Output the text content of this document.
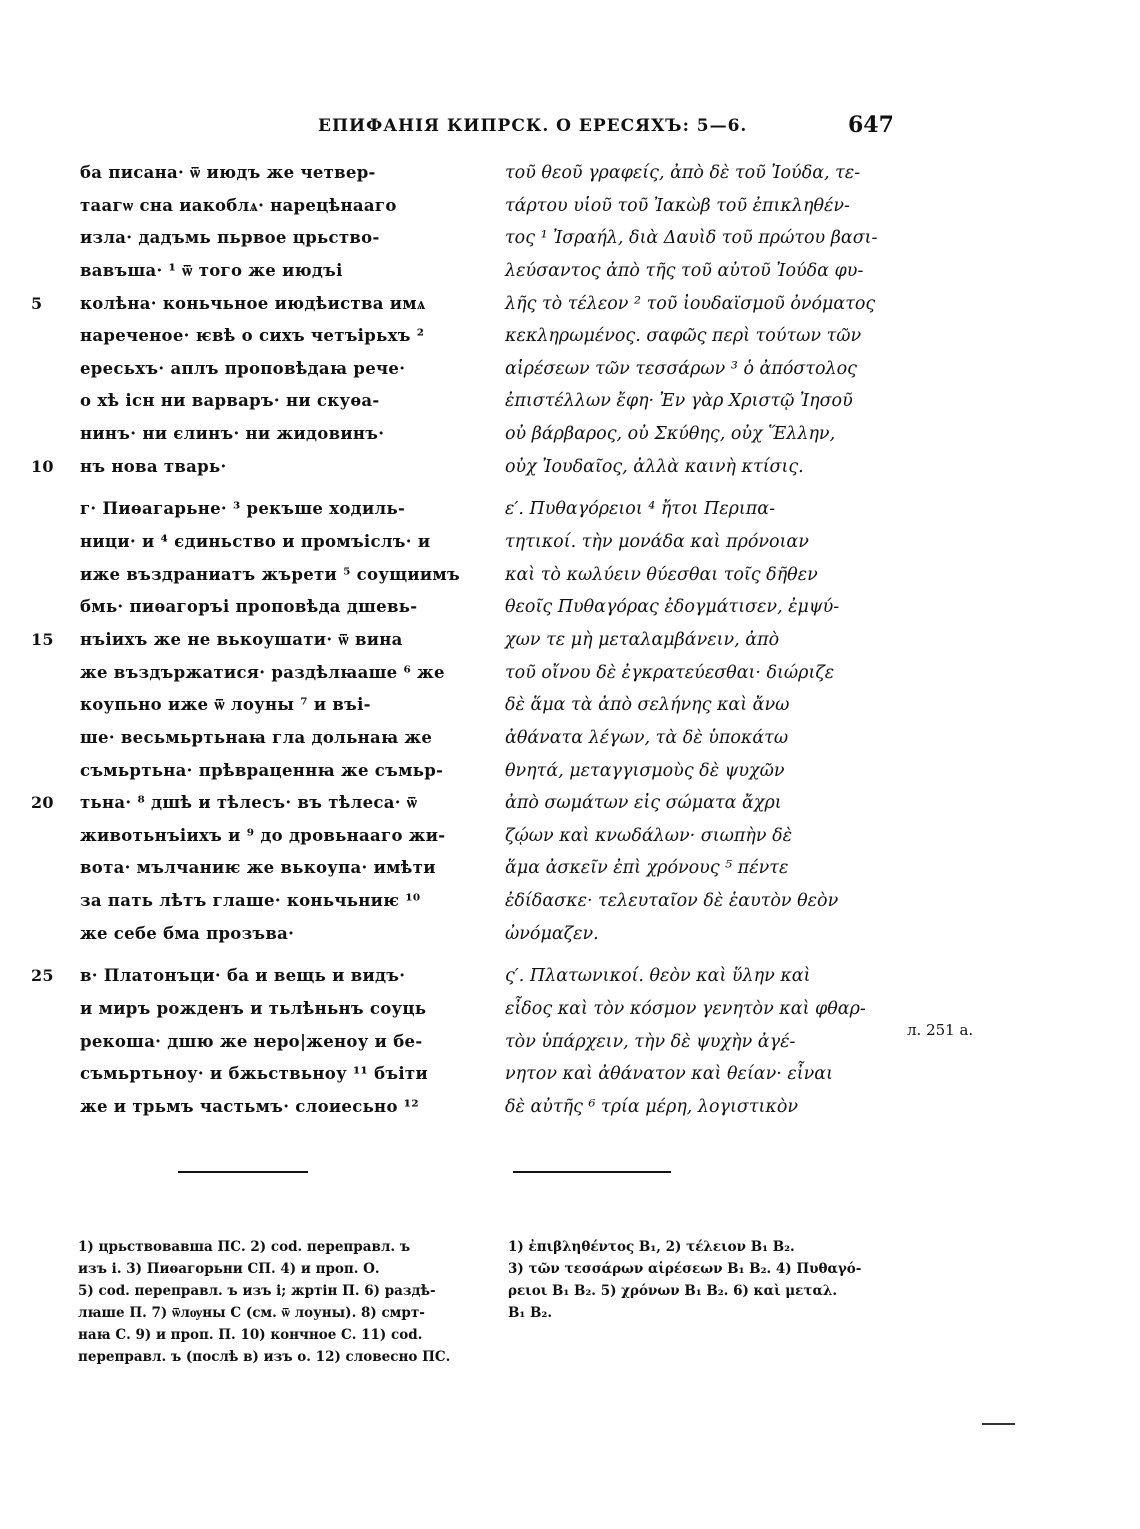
ЕПИФАНІЯ КИПРСК. О ЕРЕСЯХЪ: 5—6.	647
ба писана· ѿ июдъ же четвер-
таагѡ сна иакоблѧ· нарецѣнааго
изла· дадъмь пьрвое црьство-
вавъша· ¹ ѿ того же июдъі
5	колѣна· коньчьное июдѣиства имѧ
нареченое· ѥвѣ о сихъ четъірьхъ ²
ересьхъ· аплъ проповѣдаꙗ рече·
о хѣ існ ни варваръ· ни скуѳа-
нинъ· ни єлинъ· ни жидовинъ·
10	нъ нова тварь·
г· Пиѳагарьне· ³ рекъше ходиль-
ници· и ⁴ єдиньство и промъіслъ· и
иже въздраниатъ жърети ⁵ соущиимъ
бмь· пиѳагоръі проповѣда дшевь-
15	нъіихъ же не вькоушати· ѿ вина
же въздържатися· раздѣлꙗаше ⁶ же
коупьно иже ѿ лоуны ⁷ и въі-
ше· весьмьртьнаꙗ гла дольнаꙗ же
съмьртьна· прѣвраценнꙗ же съмьр-
20	тьна· ⁸ дшѣ и тѣлесъ· въ тѣлеса· ѿ
животьнъіихъ и ⁹ до дровьнааго жи-
вота· мълчаниѥ же вькоупа· имѣти
за пать лѣтъ глаше· коньчьниѥ ¹⁰
же себе бма прозъва·
25	в· Платонъци· ба и вещь и видъ·
и миръ рожденъ и тьлѣньнъ соуць
рекоша· дшю же неро|женоу и бе-
съмьртьноу· и бжьствьноу ¹¹ бъіти
же и трьмъ частьмъ· слоиесьно ¹²
τοῦ θεοῦ γραφείς, ἀπὸ δὲ τοῦ Ἰούδα, τε-
τάρτου υἱοῦ τοῦ Ἰακὼβ τοῦ ἐπικληθέν-
τος ¹ Ἰσραήλ, διὰ Δαυὶδ τοῦ πρώτου βασι-
λεύσαντος ἀπὸ τῆς τοῦ αὐτοῦ Ἰούδα φυ-
λῆς τὸ τέλεον ² τοῦ ἰουδαϊσμοῦ ὀνόματος
κεκληρωμένος. σαφῶς περὶ τούτων τῶν
αἱρέσεων τῶν τεσσάρων ³ ὁ ἀπόστολος
ἐπιστέλλων ἔφη· Ἐν γὰρ Χριστῷ Ἰησοῦ
οὐ βάρβαρος, οὐ Σκύθης, οὐχ Ἕλλην,
οὐχ Ἰουδαῖος, ἀλλὰ καινὴ κτίσις.
ε′. Πυθαγόρειοι ⁴ ἤτοι Περιπα-
τητικοί. τὴν μονάδα καὶ πρόνοιαν
καὶ τὸ κωλύειν θύεσθαι τοῖς δῆθεν
θεοῖς Πυθαγόρας ἐδογμάτισεν, ἐμψύ-
χων τε μὴ μεταλαμβάνειν, ἀπὸ
τοῦ οἴνου δὲ ἐγκρατεύεσθαι· διώριζε
δὲ ἅμα τὰ ἀπὸ σελήνης καὶ ἄνω
ἀθάνατα λέγων, τὰ δὲ ὑποκάτω
θνητά, μεταγγισμοὺς δὲ ψυχῶν
ἀπὸ σωμάτων εἰς σώματα ἄχρι
ζῴων καὶ κνωδάλων· σιωπὴν δὲ
ἅμα ἀσκεῖν ἐπὶ χρόνους ⁵ πέντε
ἐδίδασκε· τελευταῖον δὲ ἑαυτὸν θεὸν
ὠνόμαζεν.
ς′. Πλατωνικοί. θεὸν καὶ ὕλην καὶ
εἶδος καὶ τὸν κόσμον γενητὸν καὶ φθαρ-
τὸν ὑπάρχειν, τὴν δὲ ψυχὴν ἀγέ-
νητον καὶ ἀθάνατον καὶ θείαν· εἶναι
δὲ αὐτῆς ⁶ τρία μέρη, λογιστικὸν
л. 251 а.
1) црьствовавша ПС. 2) cod. перепрaвл. ъ
изъ і. 3) Пиѳагорьни СП. 4) и прoп. О.
5) cod. перепрaвл. ъ изъ і; жртін П. 6) раздѣ-
лꙗше П. 7) ѿлѹны С (см. ѿ лоуны). 8) смрт-
наꙗ С. 9) и прoп. П. 10) кончное С. 11) cod.
перепрaвл. ъ (послѣ в) изъ о. 12) словесно ПС.
1) ἐπιβληθέντος B₁, 2) τέλειον B₁ B₂.
3) τῶν τεσσάρων αἱρέσεων B₁ B₂. 4) Πυθαγό-
ρειοι B₁ B₂. 5) χρόνων B₁ B₂. 6) καὶ μεταλ.
B₁ B₂.
